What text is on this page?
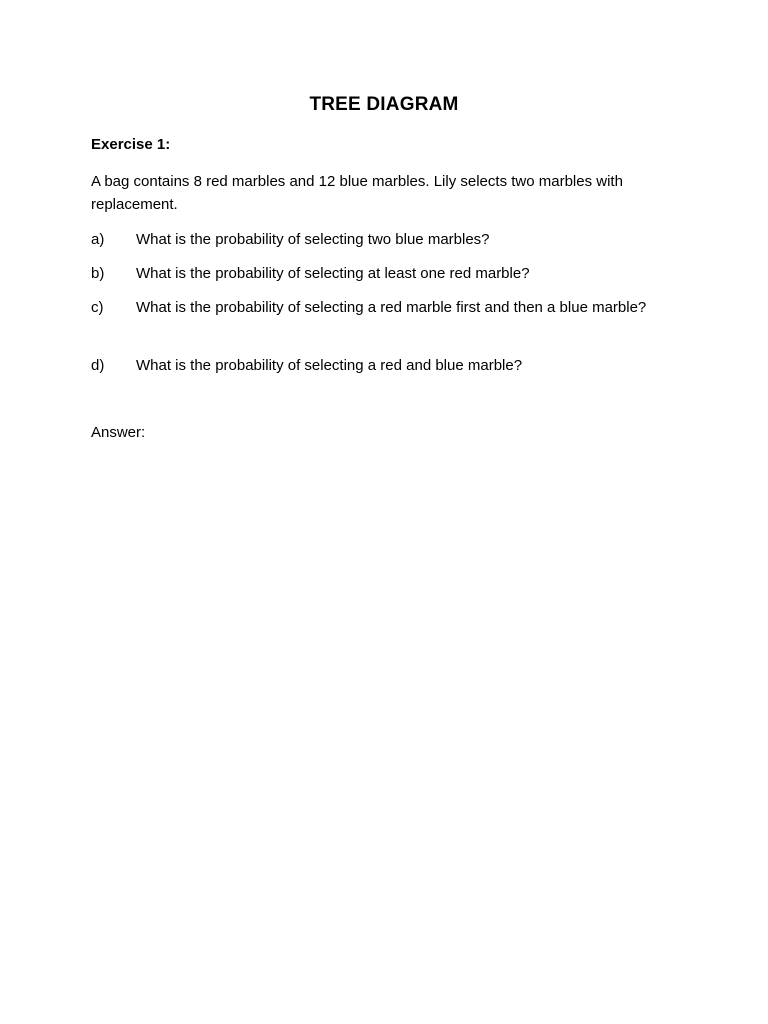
TREE DIAGRAM
Exercise 1:
A bag contains 8 red marbles and 12 blue marbles. Lily selects two marbles with replacement.
a)	What is the probability of selecting two blue marbles?
b)	What is the probability of selecting at least one red marble?
c)	What is the probability of selecting a red marble first and then a blue marble?
d)	What is the probability of selecting a red and blue marble?
Answer:
